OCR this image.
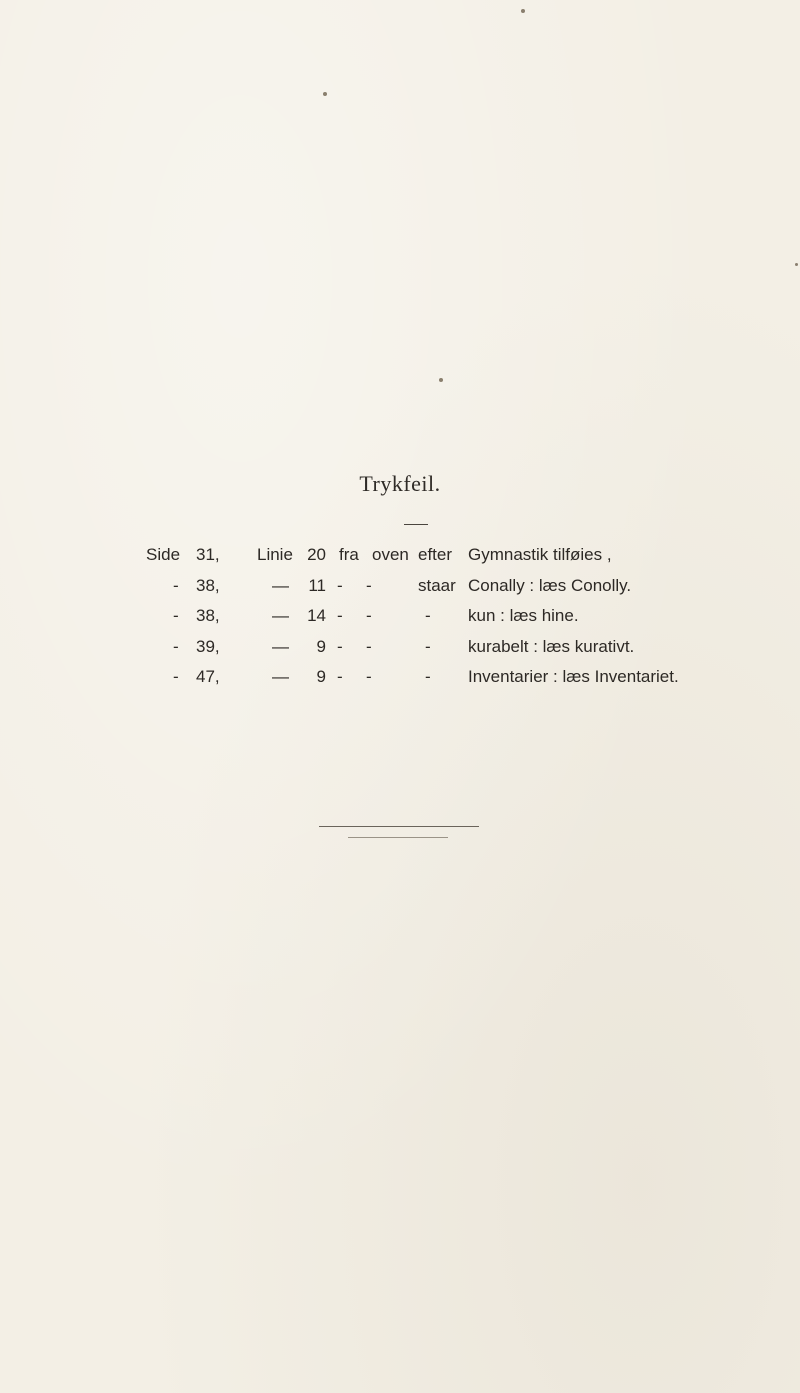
Trykfeil.
Side 31, Linie 20 fra oven efter Gymnastik tilføies ,
- 38,	— 11 - -	staar Conally : læs Conolly.
- 38,	— 14 - -	- kun : læs hine.
- 39,	—	9 - -	- kurabelt : læs kurativt.
- 47,	—	9 - -	- Inventarier : læs Inventariet.
